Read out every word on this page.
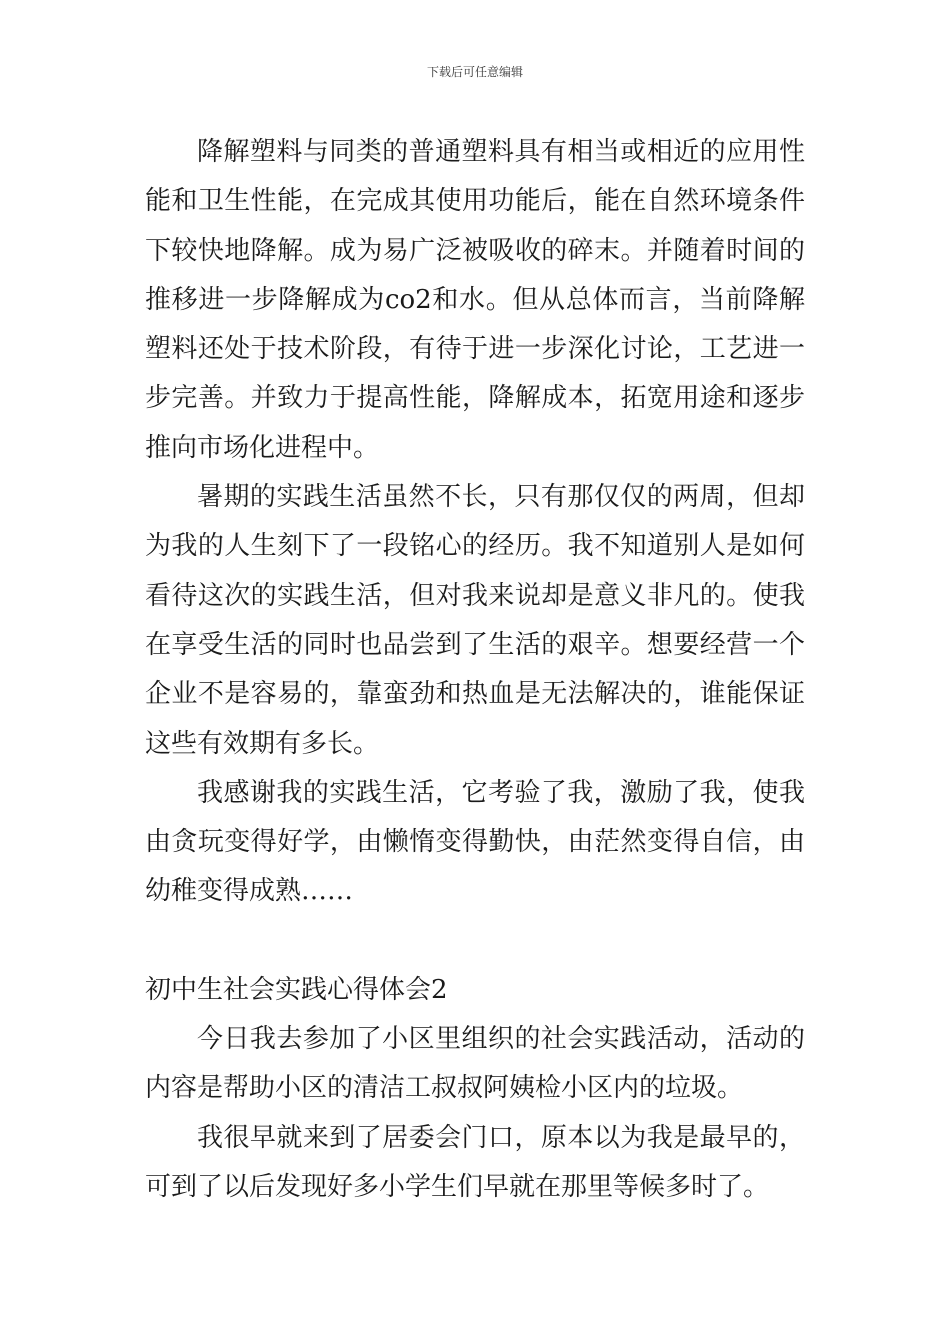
下载后可任意编辑

降解塑料与同类的普通塑料具有相当或相近的应用性能和卫生性能，在完成其使用功能后，能在自然环境条件下较快地降解。成为易广泛被吸收的碎末。并随着时间的推移进一步降解成为co2和水。但从总体而言，当前降解塑料还处于技术阶段，有待于进一步深化讨论，工艺进一步完善。并致力于提高性能，降解成本，拓宽用途和逐步推向市场化进程中。

暑期的实践生活虽然不长，只有那仅仅的两周，但却为我的人生刻下了一段铭心的经历。我不知道别人是如何看待这次的实践生活，但对我来说却是意义非凡的。使我在享受生活的同时也品尝到了生活的艰辛。想要经营一个企业不是容易的，靠蛮劲和热血是无法解决的，谁能保证这些有效期有多长。

我感谢我的实践生活，它考验了我，激励了我，使我由贪玩变得好学，由懒惰变得勤快，由茫然变得自信，由幼稚变得成熟……

初中生社会实践心得体会2

今日我去参加了小区里组织的社会实践活动，活动的内容是帮助小区的清洁工叔叔阿姨检小区内的垃圾。

我很早就来到了居委会门口，原本以为我是最早的，可到了以后发现好多小学生们早就在那里等候多时了。
